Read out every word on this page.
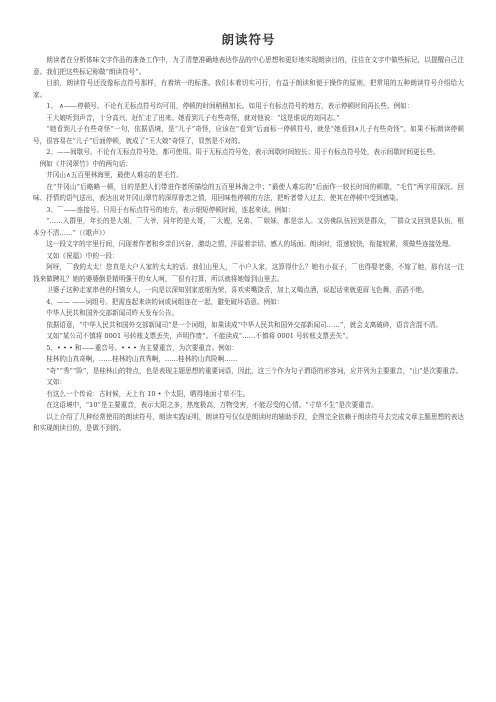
朗读符号

朗读者在分析体味文字作品的准备工作中，为了清楚准确地表达作品的中心思想和更好地实现朗读目的，往往在文字中做些标记，以提醒自己注意。我们把这些标记称做“朗读符号”。

目前，朗读符号还没像标点符号那样，有着统一的标准。我们本着切实可行，有益于朗读和便于操作的原则，把常用的五种朗读符号介绍给大家。

1、 ∧——停顿号。不论有无标点符号均可用，停顿的时间稍稍加长。如用于有标点符号的地方，表示停顿时间再长些。例如：

王大娘听到声音，十分高兴，赶忙走了出来。她看到儿子有些奇怪，就对他说：“这是谁说的刘同志。”

“她看到儿子有些奇怪”一句，依据语境，是“儿子”奇怪，应该在“看到”后面标一停顿符号，就是“她看到∧儿子有些奇怪”。如果不标朗读停顿号，很容易在“儿子”后面停顿，就成了“王大娘”奇怪了，显然是不对的。

2、——间歇号。不论有无标点符号处，都可使用。用于无标点符号处，表示间歇时间较长；用于有标点符号处，表示间歇时间更长些。

例如《井冈翠竹》中的两句话：

井冈山∧五百里林海里，最使人难忘的是毛竹。

在“井冈山”后略略一顿，目的是把人们带进作者所描绘的五百里林海之中；“最使人难忘的”后面作一较长时间的顿歇，“毛竹”两字用深沉、回味、抒情的语气送出，表达出对井冈山翠竹的深厚眷恋之情，用回味性停顿的方法，把听者带入过去，使其在停顿中受到感染。

3、⌒——连接号。只用于有标点符号的地方，表示细短停顿时间，连起来读。例如：

“……人群里，年长的是大姐，⌒大爷，同年的是大哥，⌒大嫂，兄弟，⌒姐妹，都是亲人。又仿佛队伍回到是群众，⌒群众又回到是队伍，根本分不清……”（《歌声》）

这一段文字的字里行间，闪现着作者和乡亲们兴奋、激动之情，洋溢着亲切、感人的场面。朗读时，语速较快，衔接较紧，须做些连接处理。

又如《祝福》中的一段：

阿呀，⌒我的太太！您真是大户人家的太太的话。我们山里人，⌒小户人家，这算得什么？她有小叔子，⌒也得娶老婆，不嫁了她，那有这一注钱来做聘礼？她的婆婆倒是精明强干的女人呵，⌒很有打算，所以就将她嫁到山里去。

卫婆子这种走家串巷的村镇女人，一向是以深知别家底细为荣，喜欢卖嘴饶舌，加上又喝点酒，说起话来就更眉飞色舞，滔滔不绝。

4、—— ——词组号。把需连起来读的词或词组连在一起，避免破坏语意。例如：

中华人民共和国外交部新闻司昨天发布公告。

依据语意，“中华人民共和国外交部新闻司”是一个词组，如果读成“中华人民共和国外交部新闻司……”，就会支离破碎，语音含混不清。

又如“某公司不慎将 0001 号转账支票丢失，声明作废”。不能读成“……不慎将 0001 号转账支票丢失”。

5、• • • 和——重音号。• • • 为主要重音，为次要重音。例如：

桂林的山真奇啊，……桂林的山真秀啊，……桂林的山真险啊……

“奇”“秀”“险”，是桂林山的特点，也是表现主题思想的重要词语，因此，这三个作为句子谓语的形容词，应并列为主要重音，“山”是次要重音。

又如：

有这么一个传说：古时候，天上有 10 • 个太阳，晒得地面寸草不生。

在这语境中，“10”是主要重音，表示太阳之多，热度极高，万物受害，不能忍受的心情。“寸草不生”是次要重音。

以上介绍了几种经常使用的朗读符号，朗读实践证明，朗读符号仅仅是朗读时的辅助手段，企图完全依赖于朗读符号去完成文章主题思想的表达和实现朗读目的，是做不到的。
